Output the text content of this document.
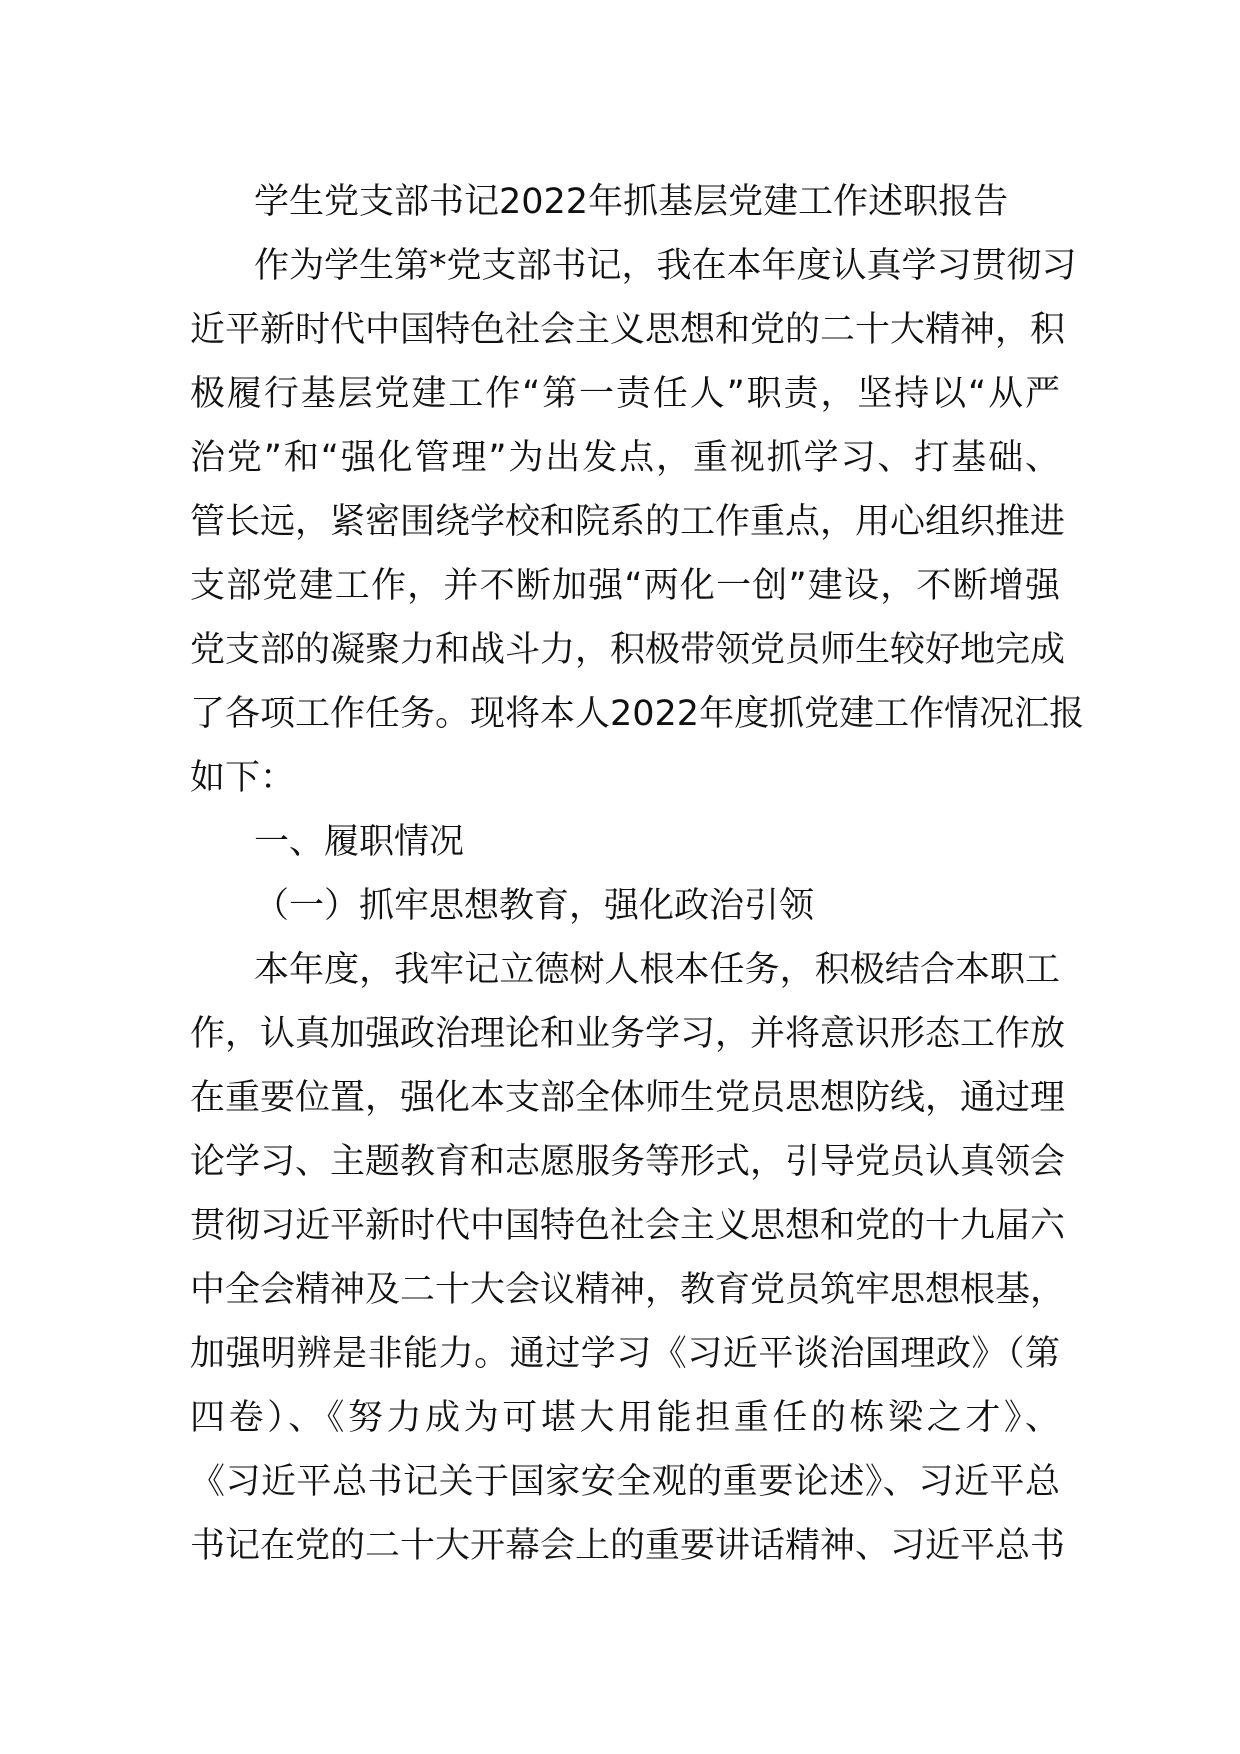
学生党支部书记2022年抓基层党建工作述职报告
作为学生第*党支部书记，我在本年度认真学习贯彻习
近平新时代中国特色社会主义思想和党的二十大精神，积
极履行基层党建工作“第一责任人”职责，坚持以“从严
治党”和“强化管理”为出发点，重视抓学习、打基础、
管长远，紧密围绕学校和院系的工作重点，用心组织推进
支部党建工作，并不断加强“两化一创”建设，不断增强
党支部的凝聚力和战斗力，积极带领党员师生较好地完成
了各项工作任务。现将本人2022年度抓党建工作情况汇报
如下：
一、履职情况
（一）抓牢思想教育，强化政治引领
本年度，我牢记立德树人根本任务，积极结合本职工
作，认真加强政治理论和业务学习，并将意识形态工作放
在重要位置，强化本支部全体师生党员思想防线，通过理
论学习、主题教育和志愿服务等形式，引导党员认真领会
贯彻习近平新时代中国特色社会主义思想和党的十九届六
中全会精神及二十大会议精神，教育党员筑牢思想根基，
加强明辨是非能力。通过学习《习近平谈治国理政》（第
四卷）、《努力成为可堪大用能担重任的栋梁之才》、
《习近平总书记关于国家安全观的重要论述》、习近平总
书记在党的二十大开幕会上的重要讲话精神、习近平总书
